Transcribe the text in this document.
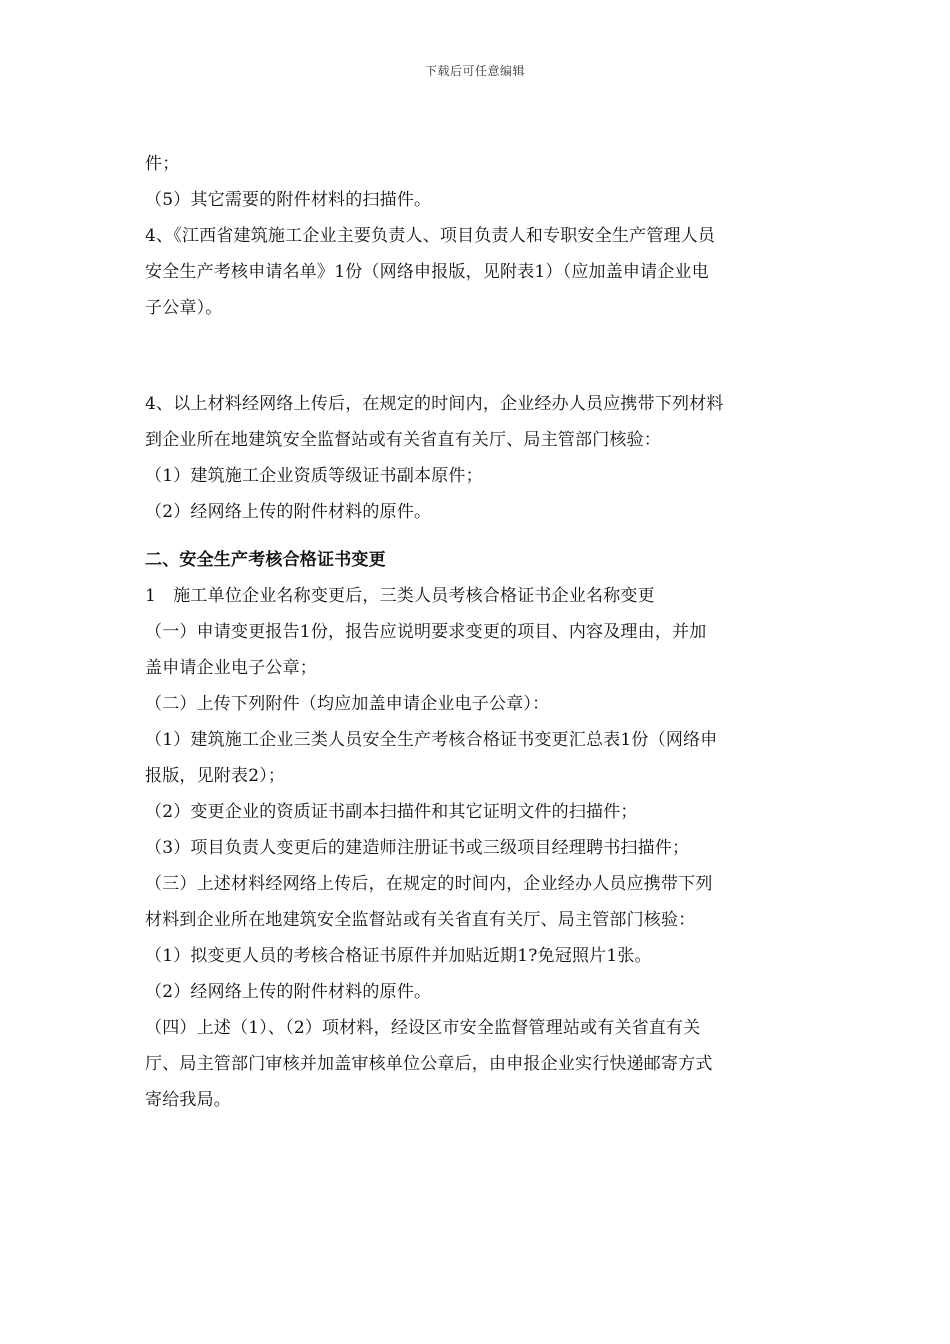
下载后可任意编辑

件；

（5）其它需要的附件材料的扫描件。

4、《江西省建筑施工企业主要负责人、项目负责人和专职安全生产管理人员

安全生产考核申请名单》1份（网络申报版，见附表1）（应加盖申请企业电

子公章）。

4、以上材料经网络上传后，在规定的时间内，企业经办人员应携带下列材料

到企业所在地建筑安全监督站或有关省直有关厅、局主管部门核验：

（1）建筑施工企业资质等级证书副本原件；

（2）经网络上传的附件材料的原件。

二、安全生产考核合格证书变更

1　施工单位企业名称变更后，三类人员考核合格证书企业名称变更

（一）申请变更报告1份，报告应说明要求变更的项目、内容及理由，并加

盖申请企业电子公章；

（二）上传下列附件（均应加盖申请企业电子公章）：

（1）建筑施工企业三类人员安全生产考核合格证书变更汇总表1份（网络申

报版，见附表2）；

（2）变更企业的资质证书副本扫描件和其它证明文件的扫描件；

（3）项目负责人变更后的建造师注册证书或三级项目经理聘书扫描件；

（三）上述材料经网络上传后，在规定的时间内，企业经办人员应携带下列

材料到企业所在地建筑安全监督站或有关省直有关厅、局主管部门核验：

（1）拟变更人员的考核合格证书原件并加贴近期1?免冠照片1张。

（2）经网络上传的附件材料的原件。

（四）上述（1）、（2）项材料，经设区市安全监督管理站或有关省直有关

厅、局主管部门审核并加盖审核单位公章后，由申报企业实行快递邮寄方式

寄给我局。
